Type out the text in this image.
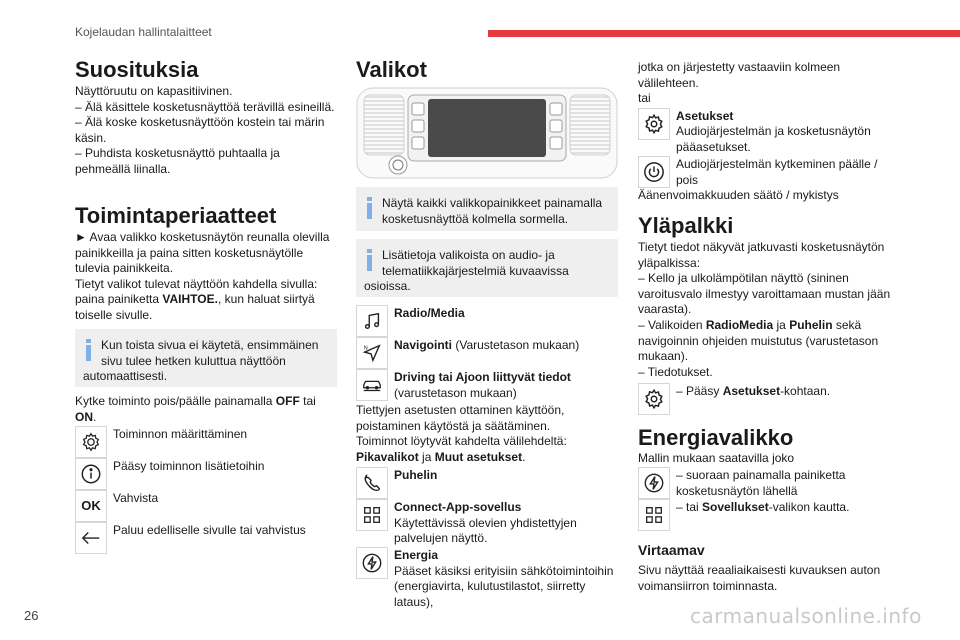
Kojelaudan hallintalaitteet
Suosituksia
Näyttöruutu on kapasitiivinen.
– Älä käsittele kosketusnäyttöä terävillä esineillä.
– Älä koske kosketusnäyttöön kostein tai märin käsin.
– Puhdista kosketusnäyttö puhtaalla ja pehmeällä liinalla.
Toimintaperiaatteet
► Avaa valikko kosketusnäytön reunalla olevilla painikkeilla ja paina sitten kosketusnäytölle tulevia painikkeita.
Tietyt valikot tulevat näyttöön kahdella sivulla: paina painiketta VAIHTOE., kun haluat siirtyä toiselle sivulle.
Kun toista sivua ei käytetä, ensimmäinen sivu tulee hetken kuluttua näyttöön automaattisesti.
Kytke toiminto pois/päälle painamalla OFF tai ON.
Toiminnon määrittäminen
Pääsy toiminnon lisätietoihin
OK
Vahvista
Paluu edelliselle sivulle tai vahvistus
Valikot
Näytä kaikki valikkopainikkeet painamalla kosketusnäyttöä kolmella sormella.
Lisätietoja valikoista on audio- ja telematiikkajärjestelmiä kuvaavissa osioissa.
Radio/Media
N Navigointi (Varustetason mukaan)
Driving tai Ajoon liittyvät tiedot
(varustetason mukaan)
Tiettyjen asetusten ottaminen käyttöön, poistaminen käytöstä ja säätäminen.
Toiminnot löytyvät kahdelta välilehdeltä:
Pikavalikot ja Muut asetukset.
Puhelin
Connect-App-sovellus
Käytettävissä olevien yhdistettyjen palvelujen näyttö.
Energia
Pääset käsiksi erityisiin sähkötoimintoihin (energiavirta, kulutustilastot, siirretty lataus),
jotka on järjestetty vastaaviin kolmeen välilehteen.
tai
Asetukset
Audiojärjestelmän ja kosketusnäytön pääasetukset.
Audiojärjestelmän kytkeminen päälle / pois
Äänenvoimakkuuden säätö / mykistys
Yläpalkki
Tietyt tiedot näkyvät jatkuvasti kosketusnäytön yläpalkissa:
– Kello ja ulkolämpötilan näyttö (sininen varoitusvalo ilmestyy varoittamaan mustan jään vaarasta).
– Valikoiden RadioMedia ja Puhelin sekä navigoinnin ohjeiden muistutus (varustetason mukaan).
– Tiedotukset.
– Pääsy Asetukset-kohtaan.
Energiavalikko
Mallin mukaan saatavilla joko
– suoraan painamalla painiketta kosketusnäytön lähellä
– tai Sovellukset-valikon kautta.
Virtaamav
Sivu näyttää reaaliaikaisesti kuvauksen auton voimansiirron toiminnasta.
26	carmanualsonline.info
